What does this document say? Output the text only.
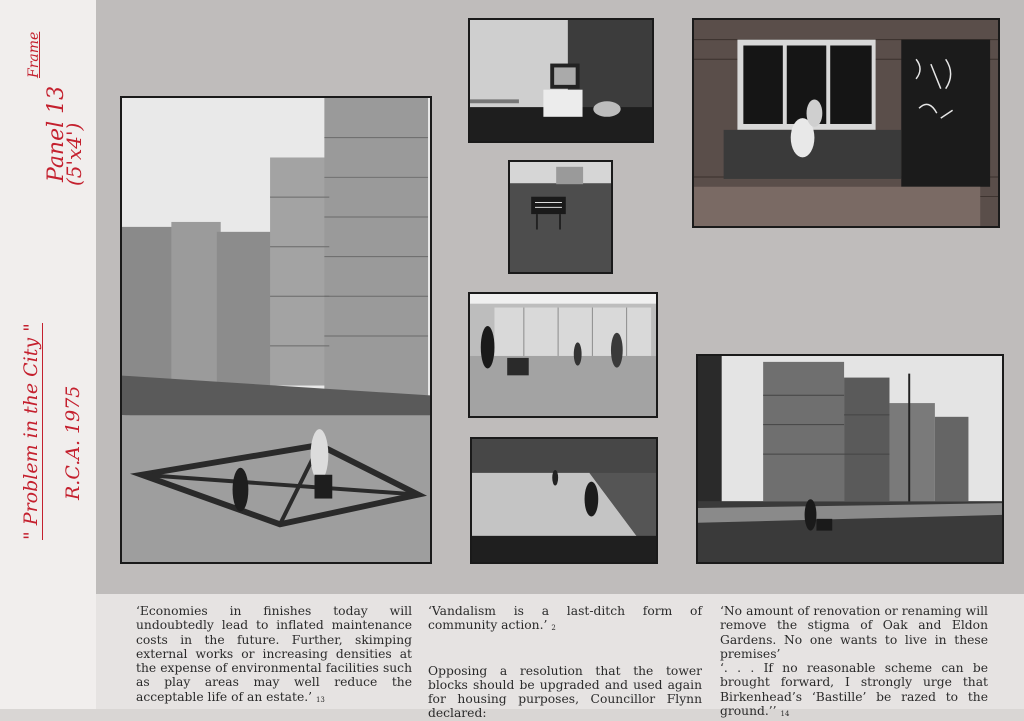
Frame
Panel 13
(5'x4')
" Problem in the City " R.C.A. 1975

‘Economies in finishes today will undoubtedly lead to inflated maintenance costs in the future. Further, skimping external works or increasing densities at the expense of environmental facilities such as play areas may well reduce the acceptable life of an estate.’ 13

‘Vandalism is a last-ditch form of community action.’ 2

Opposing a resolution that the tower blocks should be upgraded and used again for housing purposes, Councillor Flynn declared:

‘No amount of renovation or renaming will remove the stigma of Oak and Eldon Gardens. No one wants to live in these premises’

‘. . . If no reasonable scheme can be brought forward, I strongly urge that Birkenhead’s ‘Bastille’ be razed to the ground.’’ 14
